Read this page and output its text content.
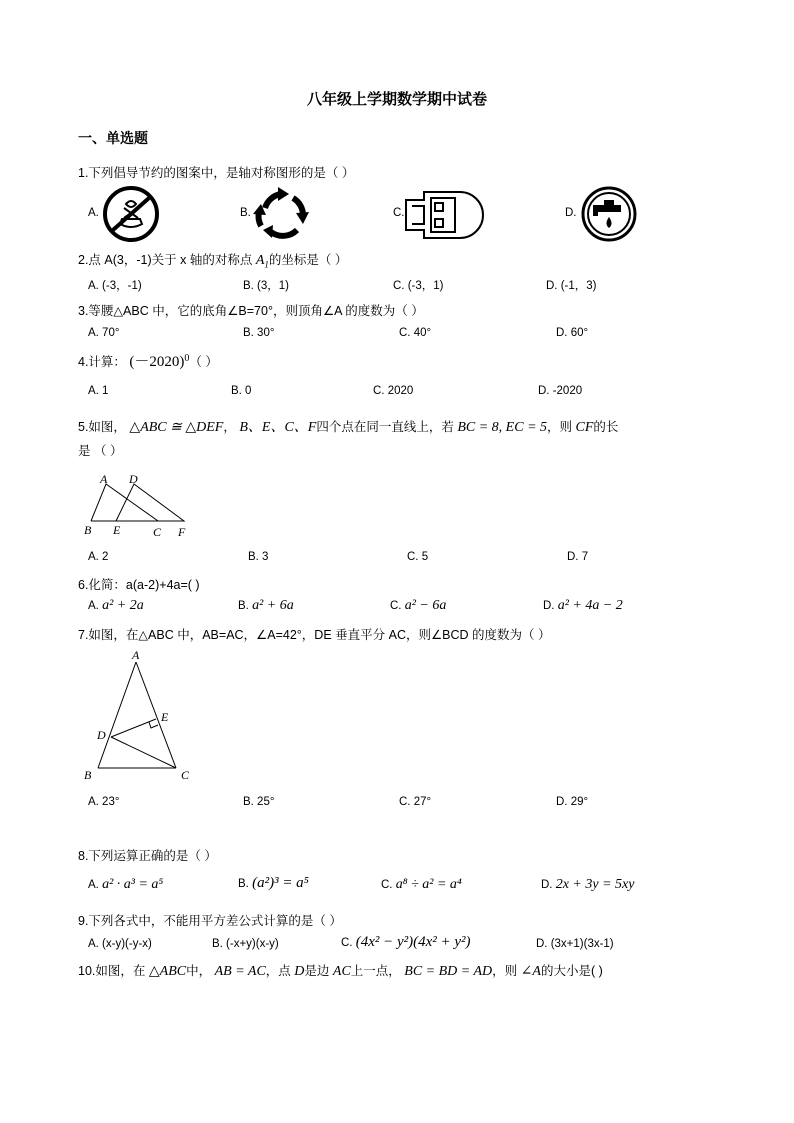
八年级上学期数学期中试卷
一、单选题
1.下列倡导节约的图案中，是轴对称图形的是（ ）
A.	B.	C.	D.
2.点 A(3，-1)关于 x 轴的对称点 $A_1$的坐标是（ ）
A. (-3，-1)	B. (3，1)	C. (-3，1)	D. (-1，3)
3.等腰△ABC 中，它的底角∠B=70°，则顶角∠A 的度数为（ ）
A. 70°	B. 30°	C. 40°	D. 60°
4.计算： $(-2020)^0$（ ）
A. 1	B. 0	C. 2020	D. -2020
5.如图， △ABC ≅ △DEF， B、E、C、F四个点在同一直线上，若 BC = 8, EC = 5，则 CF的长
是 （ ）
A D
B E	C F
A. 2	B. 3	C. 5	D. 7
6.化简：a(a-2)+4a=( )
A. a² + 2a	B. a² + 6a	C. a² − 6a	D. a² + 4a − 2
7.如图，在△ABC 中，AB=AC，∠A=42°，DE 垂直平分 AC，则∠BCD 的度数为（ ）
A
E
D
B	C
A. 23°	B. 25°	C. 27°	D. 29°
8.下列运算正确的是（ ）
A. a² · a³ = a⁵	B. (a²)³ = a⁵	C. a⁸ ÷ a² = a⁴	D. 2x + 3y = 5xy
9.下列各式中，不能用平方差公式计算的是（ ）
A. (x-y)(-y-x)	B. (-x+y)(x-y)	C. (4x² − y²)(4x² + y²)	D. (3x+1)(3x-1)
10.如图，在 △ABC中， AB = AC，点 D是边 AC上一点， BC = BD = AD，则 ∠A的大小是( )
